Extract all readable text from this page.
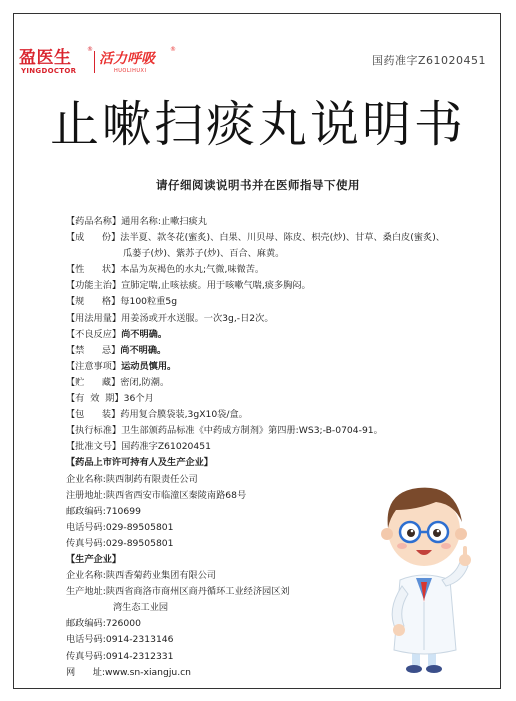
盈医生
YINGDOCTOR
®
活力呼吸
HUOLIHUXI
®
国药准字Z61020451
止嗽扫痰丸说明书
请仔细阅读说明书并在医师指导下使用
【药品名称】通用名称:止嗽扫痰丸
【成      份】法半夏、款冬花(蜜炙)、白果、川贝母、陈皮、枳壳(炒)、甘草、桑白皮(蜜炙)、
瓜蒌子(炒)、紫苏子(炒)、百合、麻黄。
【性      状】本品为灰褐色的水丸;气微,味微苦。
【功能主治】宣肺定喘,止咳祛痰。用于咳嗽气喘,痰多胸闷。
【规      格】每100粒重5g
【用法用量】用姜汤或开水送服。一次3g,-日2次。
【不良反应】尚不明确。
【禁      忌】尚不明确。
【注意事项】运动员慎用。
【贮      藏】密闭,防潮。
【有  效  期】36个月
【包      装】药用复合膜袋装,3gX10袋/盒。
【执行标准】卫生部颁药品标准《中药成方制剂》第四册:WS3;-B-0704-91。
【批准文号】国药准字Z61020451
【药品上市许可持有人及生产企业】
企业名称:陕西制药有限责任公司
注册地址:陕西省西安市临潼区秦陵南路68号
邮政编码:710699
电话号码:029-89505801
传真号码:029-89505801
【生产企业】
企业名称:陕西香菊药业集团有限公司
生产地址:陕西省商洛市商州区商丹循环工业经济园区刘
湾生态工业园
邮政编码:726000
电话号码:0914-2313146
传真号码:0914-2312331
网      址:www.sn-xiangju.cn
